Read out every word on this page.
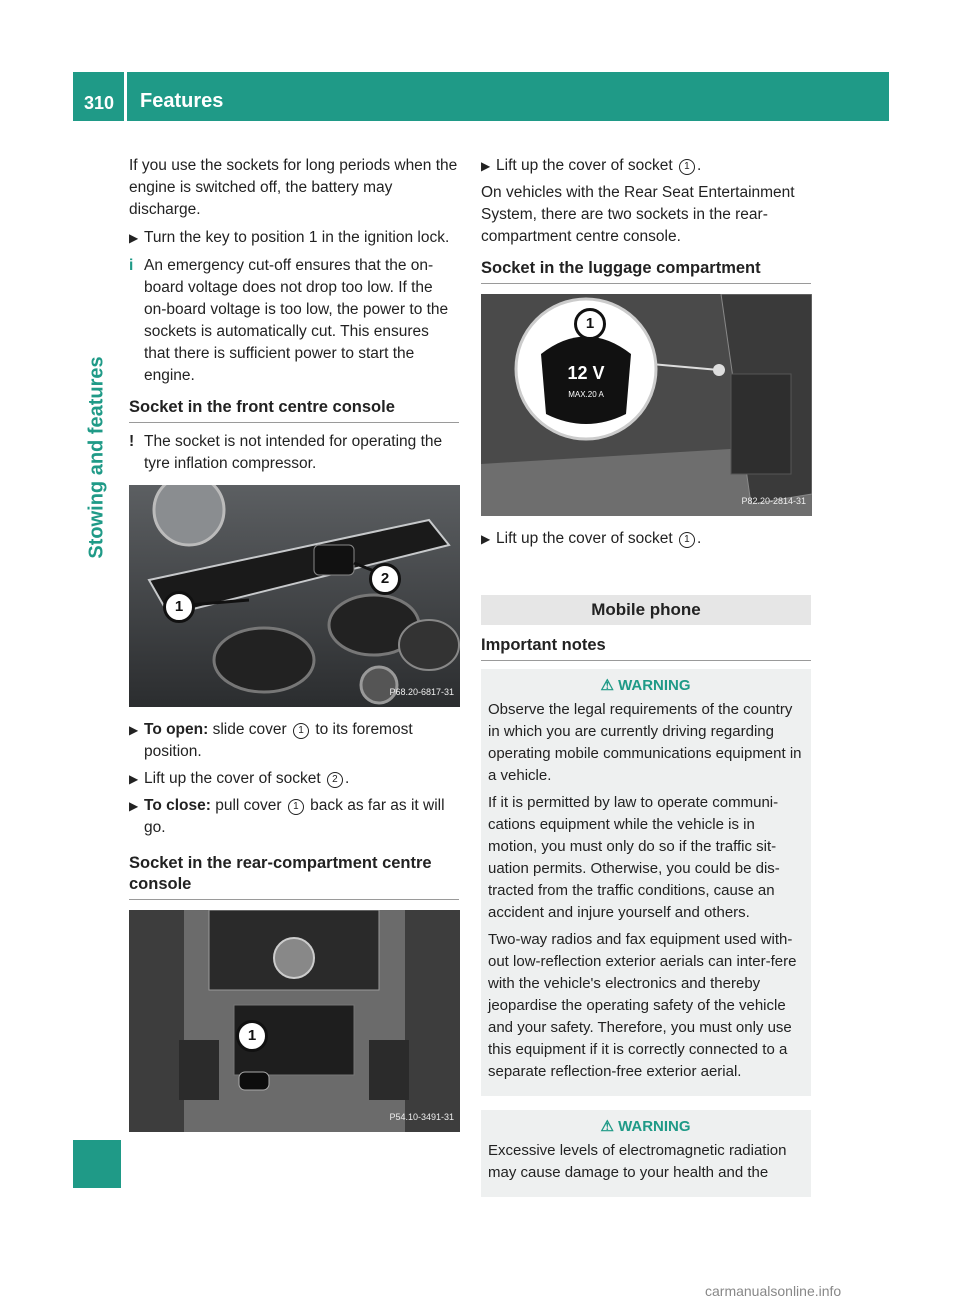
310 Features
Stowing and features

If you use the sockets for long periods when the engine is switched off, the battery may discharge.

▶ Turn the key to position 1 in the ignition lock.
i An emergency cut-off ensures that the on-board voltage does not drop too low. If the on-board voltage is too low, the power to the sockets is automatically cut. This ensures that there is sufficient power to start the engine.
Socket in the front centre console
! The socket is not intended for operating the tyre inflation compressor.
1
2
P68.20-6817-31
▶ To open: slide cover 1 to its foremost position.
▶ Lift up the cover of socket 2 .
▶ To close: pull cover 1 back as far as it will go.
Socket in the rear-compartment centre console
1
P54.10-3491-31
▶ Lift up the cover of socket 1 .

On vehicles with the Rear Seat Entertainment System, there are two sockets in the rear-compartment centre console.

Socket in the luggage compartment
1
12 V
MAX.20 A
P82.20-2814-31
▶ Lift up the cover of socket 1 .
Mobile phone
Important notes
⚠ WARNING

Observe the legal requirements of the country in which you are currently driving regarding operating mobile communications equipment in a vehicle.

If it is permitted by law to operate communi-cations equipment while the vehicle is in motion, you must only do so if the traffic sit-uation permits. Otherwise, you could be dis-tracted from the traffic conditions, cause an accident and injure yourself and others.

Two-way radios and fax equipment used with-out low-reflection exterior aerials can inter-fere with the vehicle's electronics and thereby jeopardise the operating safety of the vehicle and your safety. Therefore, you must only use this equipment if it is correctly connected to a separate reflection-free exterior aerial.

⚠ WARNING

Excessive levels of electromagnetic radiation may cause damage to your health and the

carmanualsonline.info
